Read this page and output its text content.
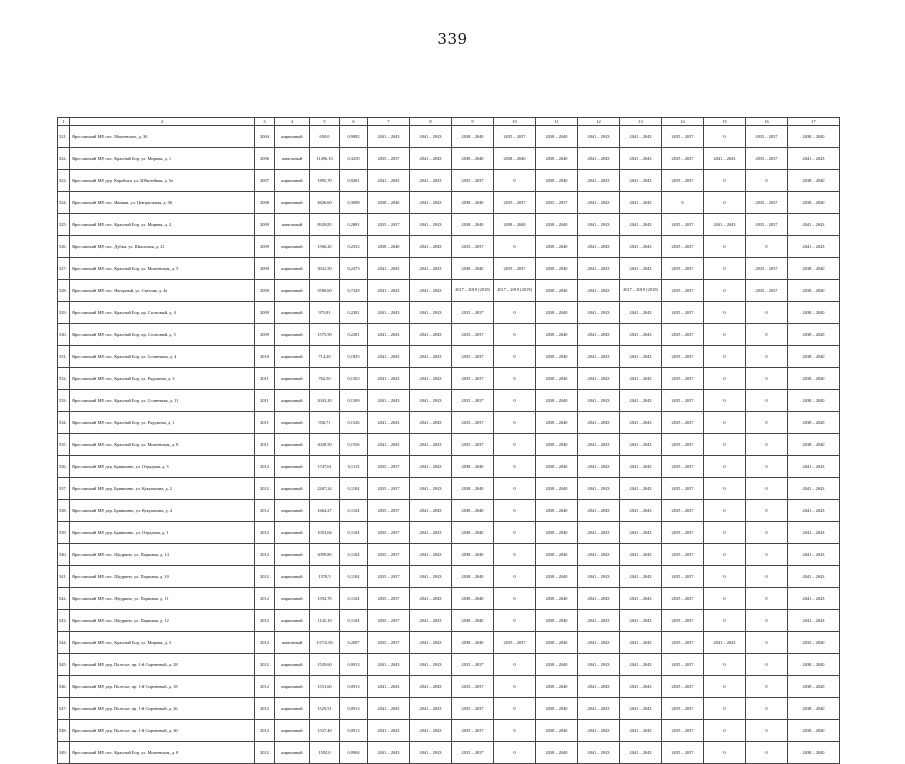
339
1	2	3	4	5	6	7	8	9	10	11	12	13	14	15	16	17
521.	Ярославский МР, пос. Мокеевское, д. 30	2004	кирпичный	650,0	0,9082	2041 – 2043	2041 – 2043	2038 – 2040	2035 – 2037	2038 – 2040	2041 – 2043	2041 – 2043	2035 – 2037	0	2035 – 2037	2038 – 2040
522.	Ярославский МР, пос. Красный Бор, ул. Мирная, д. 1	2006	панельный	11496,10	0,3250	2035 – 2037	2041 – 2043	2038 – 2040	2038 – 2040	2038 – 2040	2041 – 2043	2041 – 2043	2035 – 2037	2041 – 2043	2035 – 2037	2041 – 2043
523.	Ярославский МР, дер. Карабиха, ул. Юбилейная, д. 5а	2007	кирпичный	1895,70	0,9281	2041 – 2043	2041 – 2043	2035 – 2037	0	2038 – 2040	2041 – 2043	2041 – 2043	2035 – 2037	0	0	2038 – 2040
524.	Ярославский МР, пос. Ивняки, ул. Центральная, д. 06	2008	кирпичный	4826,60	0,3098	2038 – 2040	2041 – 2043	2038 – 2040	2035 – 2037	2035 – 2037	2041 – 2043	2041 – 2043	0	0	2035 – 2037	2038 – 2040
525.	Ярославский МР, пос. Красный Бор, ул. Мирная, д. 2	2009	панельный	8928,85	0,2881	2035 – 2037	2041 – 2043	2038 – 2040	2038 – 2040	2038 – 2040	2041 – 2043	2041 – 2043	2035 – 2037	2041 – 2043	2035 – 2037	2041 – 2043
526.	Ярославский МР, пос. Дубки, ул. Школьная, д. 21	2009	кирпичный	1506,20	0,2552	2038 – 2040	2041 – 2043	2035 – 2037	0	2038 – 2040	2041 – 2043	2041 – 2043	2035 – 2037	0	0	2041 – 2043
527.	Ярославский МР, пос. Красный Бор, ул. Мокеевская, д. 5	2009	кирпичный	3041,50	0,2473	2041 – 2043	2041 – 2043	2038 – 2040	2035 – 2037	2038 – 2040	2041 – 2043	2041 – 2043	2035 – 2037	0	2035 – 2037	2038 – 2040
528.	Ярославский МР, пос. Нагорный, ул. Светлая, д. 4а	2009	кирпичный	5580,60	0,7329	2041 – 2043	2041 – 2043	2017 – 2019 (2019)	2017 – 2019 (2019)	2038 – 2040	2041 – 2043	2017 – 2019 (2019)	2035 – 2037	0	2035 – 2037	2038 – 2040
529.	Ярославский МР, пос. Красный Бор, пр. Сосновый, д. 4	2009	кирпичный	975,81	0,2281	2041 – 2043	2041 – 2043	2035 – 2037	0	2038 – 2040	2041 – 2043	2041 – 2043	2035 – 2037	0	0	2038 – 2040
530.	Ярославский МР, пос. Красный Бор, пр. Сосновый, д. 5	2009	кирпичный	1575,50	0,2281	2041 – 2043	2041 – 2043	2035 – 2037	0	2038 – 2040	2041 – 2043	2041 – 2043	2035 – 2037	0	0	2038 – 2040
531.	Ярославский МР, пос. Красный Бор, ул. Солнечная, д. 4	2010	кирпичный	714,20	0,1825	2041 – 2043	2041 – 2043	2035 – 2037	0	2038 – 2040	2041 – 2043	2041 – 2043	2035 – 2037	0	0	2038 – 2040
532.	Ярославский МР, пос. Красный Бор, ул. Радужная, д. 3	2011	кирпичный	762,50	0,1563	2041 – 2043	2041 – 2043	2035 – 2037	0	2038 – 2040	2041 – 2043	2041 – 2043	2035 – 2037	0	0	2038 – 2040
533.	Ярославский МР, пос. Красный Бор, ул. Солнечная, д. 11	2011	кирпичный	2043,20	0,1309	2041 – 2043	2041 – 2043	2035 – 2037	0	2038 – 2040	2041 – 2043	2041 – 2043	2035 – 2037	0	0	2038 – 2040
534.	Ярославский МР, пос. Красный Бор, ул. Радужная, д. 1	2011	кирпичный	936,71	0,1526	2041 – 2043	2041 – 2043	2035 – 2037	0	2038 – 2040	2041 – 2043	2041 – 2043	2035 – 2037	0	0	2038 – 2040
535.	Ярославский МР, пос. Красный Бор, ул. Мокеевская, д. 8	2011	кирпичный	2028,50	0,1556	2041 – 2043	2041 – 2043	2035 – 2037	0	2038 – 2040	2041 – 2043	2041 – 2043	2035 – 2037	0	0	2038 – 2040
536.	Ярославский МР, дер. Бряншино, ул. Отрадная, д. 3	2012	кирпичный	1747,61	0,1113	2035 – 2037	2041 – 2043	2038 – 2040	0	2038 – 2040	2041 – 2043	2041 – 2043	2035 – 2037	0	0	2041 – 2043
537.	Ярославский МР, дер. Бряншино, ул. Кукушкина, д. 2	2012	кирпичный	2267,24	0,1104	2035 – 2037	2041 – 2043	2038 – 2040	0	2038 – 2040	2041 – 2043	2041 – 2043	2035 – 2037	0	0	2041 – 2043
538.	Ярославский МР, дер. Бряншино, ул. Кукушкина, д. 4	2012	кирпичный	1664,27	0,1104	2035 – 2037	2041 – 2043	2038 – 2040	0	2038 – 2040	2041 – 2043	2041 – 2043	2035 – 2037	0	0	2041 – 2043
539.	Ярославский МР, дер. Бряншино, ул. Отрадная, д. 1	2012	кирпичный	1053,04	0,1104	2035 – 2037	2041 – 2043	2038 – 2040	0	2038 – 2040	2041 – 2043	2041 – 2043	2035 – 2037	0	0	2041 – 2043
540.	Ярославский МР, пос. Щедрино, ул. Парковая, д. 14	2012	кирпичный	2099,80	0,1104	2035 – 2037	2041 – 2043	2038 – 2040	0	2038 – 2040	2041 – 2043	2041 – 2043	2035 – 2037	0	0	2041 – 2043
541.	Ярославский МР, пос. Щедрино, ул. Парковая, д. 10	2012	кирпичный	1578,5	0,1104	2035 – 2037	2041 – 2043	2038 – 2040	0	2038 – 2040	2041 – 2043	2041 – 2043	2035 – 2037	0	0	2041 – 2043
542.	Ярославский МР, пос. Щедрино, ул. Парковая, д. 11	2012	кирпичный	1592,70	0,1104	2035 – 2037	2041 – 2043	2038 – 2040	0	2038 – 2040	2041 – 2043	2041 – 2043	2035 – 2037	0	0	2041 – 2043
543.	Ярославский МР, пос. Щедрино, ул. Парковая, д. 12	2012	кирпичный	1145,10	0,1104	2035 – 2037	2041 – 2043	2038 – 2040	0	2038 – 2040	2041 – 2043	2041 – 2043	2035 – 2037	0	0	2041 – 2043
544.	Ярославский МР, пос. Красный Бор, ул. Мирная, д. 3	2012	панельный	13715,83	0,2007	2035 – 2037	2041 – 2043	2038 – 2040	2035 – 2037	2038 – 2040	2041 – 2043	2041 – 2043	2035 – 2037	2041 – 2043	0	2035 – 2040
545.	Ярославский МР, дер. Полесье, пр. 1-й Сиреневый, д. 28	2012	кирпичный	1529,60	0,0913	2041 – 2043	2041 – 2043	2035 – 2037	0	2038 – 2040	2041 – 2043	2041 – 2043	2035 – 2037	0	0	2038 – 2040
546.	Ярославский МР, дер. Полесье, пр. 1-й Сиреневый, д. 18	2012	кирпичный	1531,60	0,0913	2041 – 2043	2041 – 2043	2035 – 2037	0	2038 – 2040	2041 – 2043	2041 – 2043	2035 – 2037	0	0	2038 – 2040
547.	Ярославский МР, дер. Полесье, пр. 1-й Сиреневый, д. 26	2012	кирпичный	1529,51	0,0913	2041 – 2043	2041 – 2043	2035 – 2037	0	2038 – 2040	2041 – 2043	2041 – 2043	2035 – 2037	0	0	2038 – 2040
548.	Ярославский МР, дер. Полесье, пр. 1-й Сиреневый, д. 30	2012	кирпичный	1537,40	0,0913	2041 – 2043	2041 – 2043	2035 – 2037	0	2038 – 2040	2041 – 2043	2041 – 2043	2035 – 2037	0	0	2038 – 2040
549.	Ярославский МР, пос. Красный Бор, ул. Мокеевская, д. 8	2012	кирпичный	1592,0	0,0904	2041 – 2043	2041 – 2043	2035 – 2037	0	2038 – 2040	2041 – 2043	2041 – 2043	2035 – 2037	0	0	2038 – 2040
